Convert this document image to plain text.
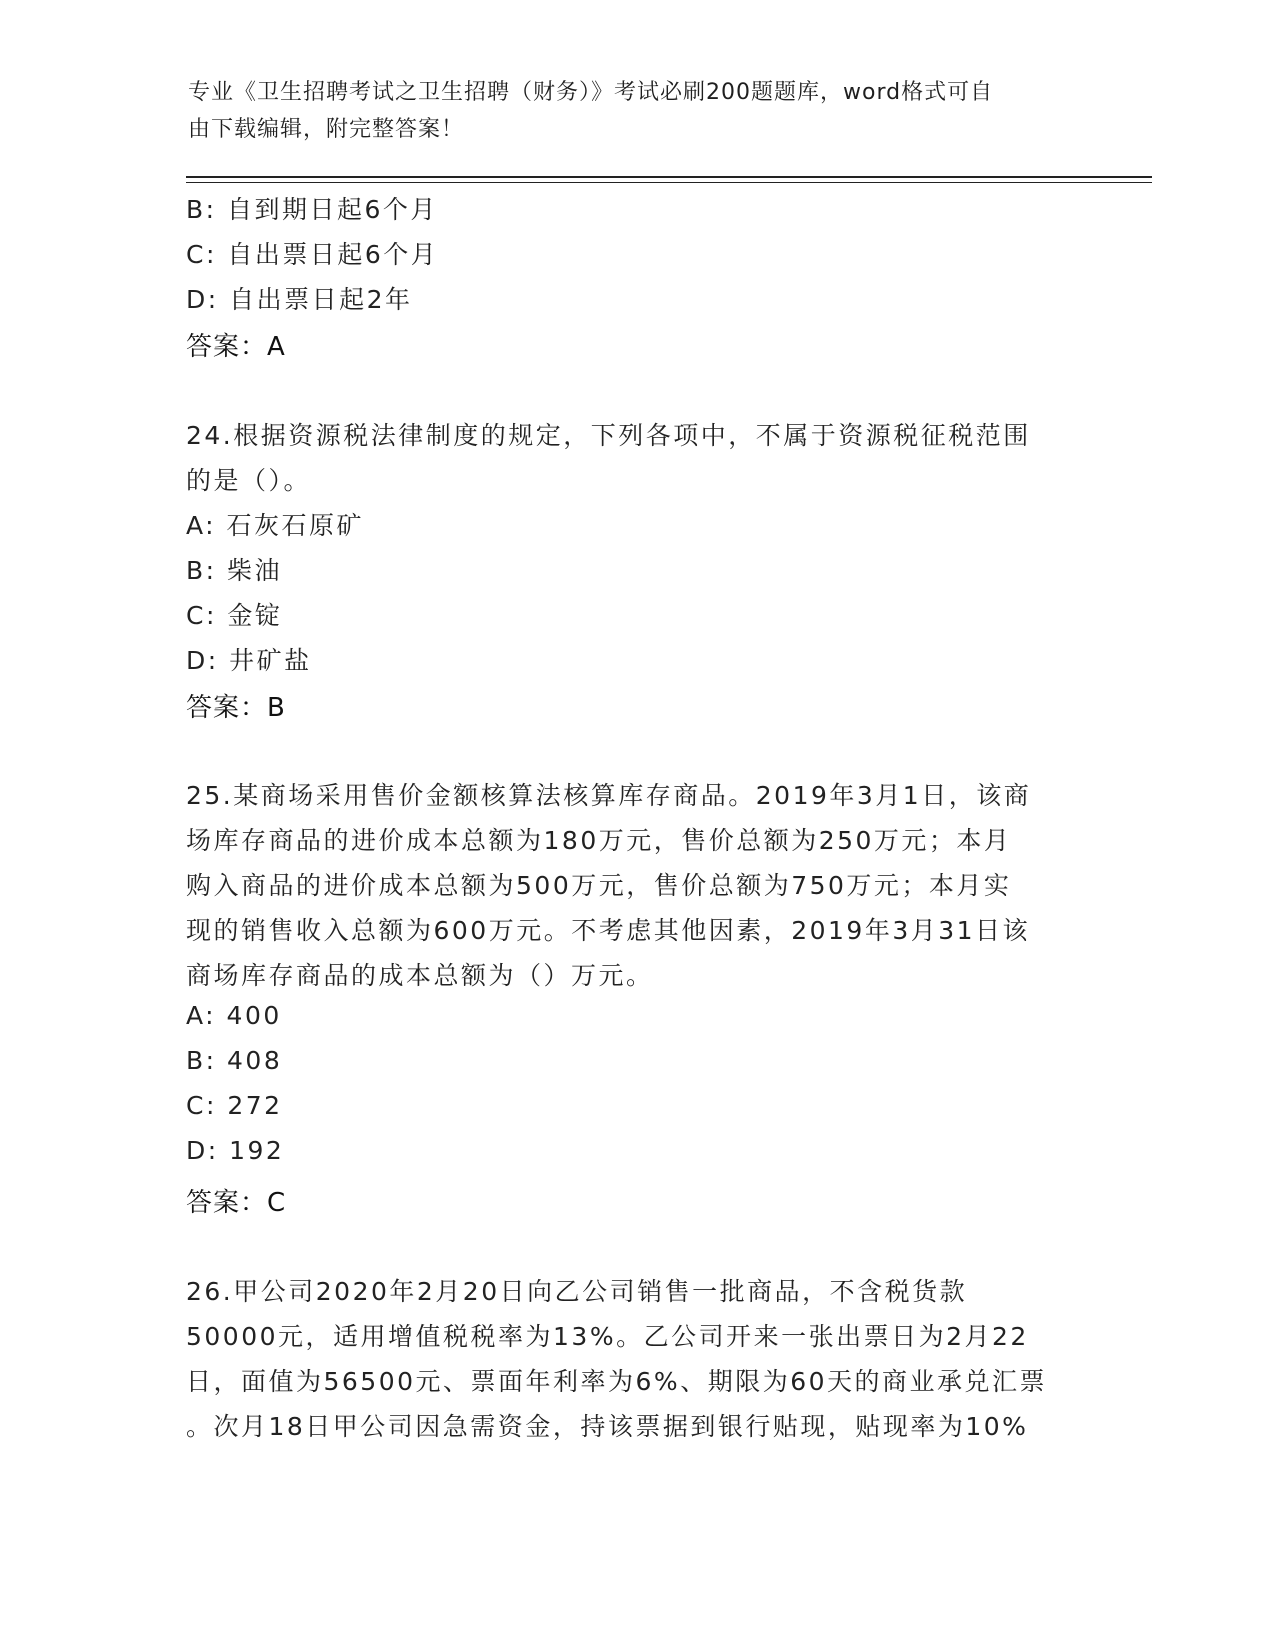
专业《卫生招聘考试之卫生招聘（财务）》考试必刷200题题库，word格式可自
由下载编辑，附完整答案！
B: 自到期日起6个月
C: 自出票日起6个月
D: 自出票日起2年
答案：A
24.根据资源税法律制度的规定，下列各项中，不属于资源税征税范围
的是（）。
A: 石灰石原矿
B: 柴油
C: 金锭
D: 井矿盐
答案：B
25.某商场采用售价金额核算法核算库存商品。2019年3月1日，该商
场库存商品的进价成本总额为180万元，售价总额为250万元；本月
购入商品的进价成本总额为500万元，售价总额为750万元；本月实
现的销售收入总额为600万元。不考虑其他因素，2019年3月31日该
商场库存商品的成本总额为（）万元。
A: 400
B: 408
C: 272
D: 192
答案：C
26.甲公司2020年2月20日向乙公司销售一批商品，不含税货款
50000元，适用增值税税率为13%。乙公司开来一张出票日为2月22
日，面值为56500元、票面年利率为6%、期限为60天的商业承兑汇票
。次月18日甲公司因急需资金，持该票据到银行贴现，贴现率为10%
